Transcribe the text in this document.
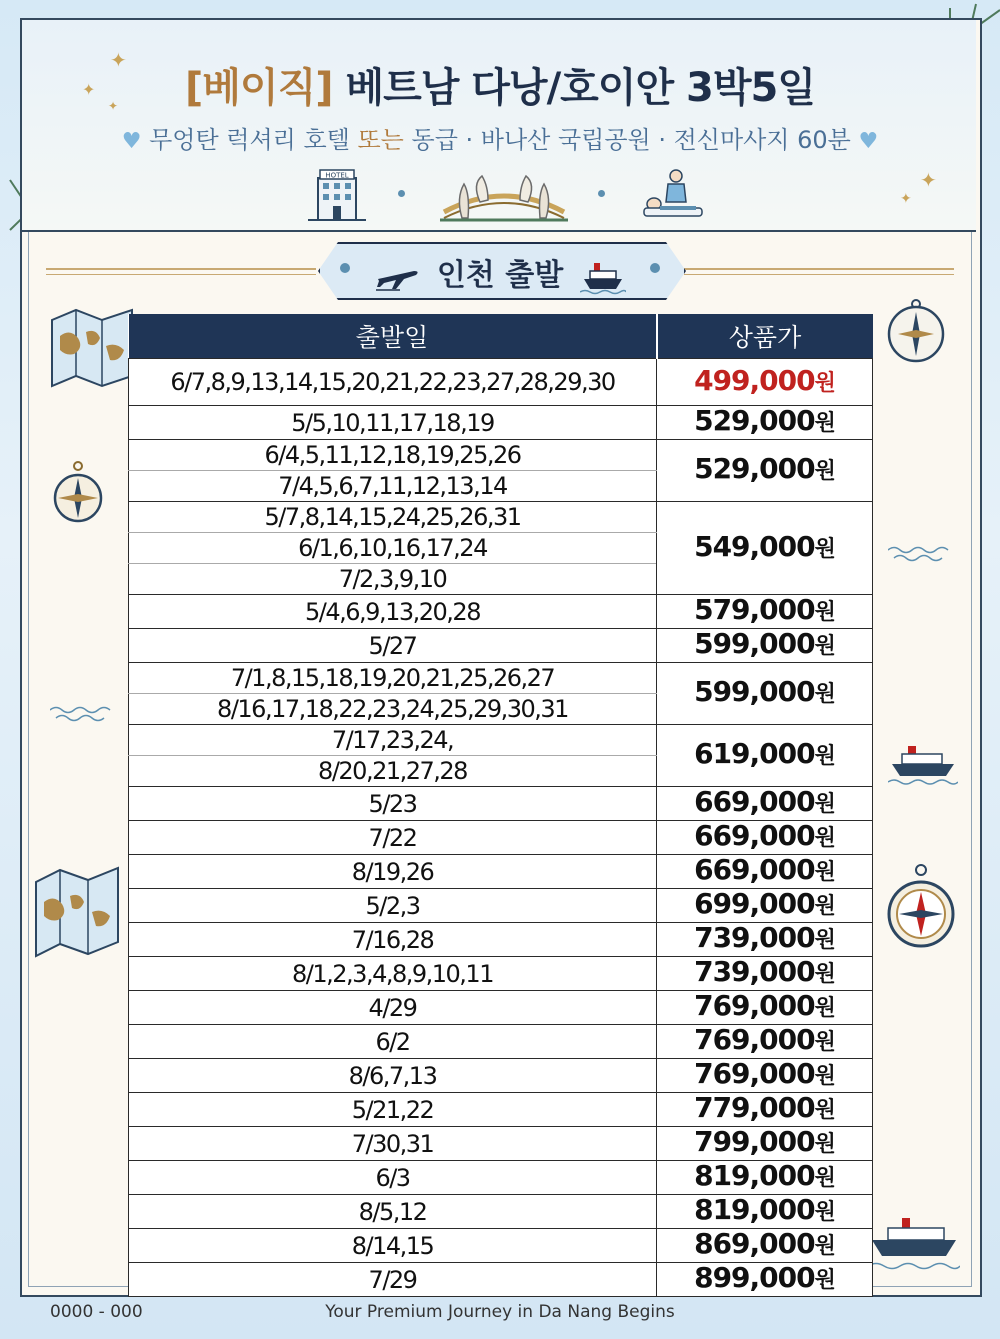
✦
✦
✦
✦
✦
[베이직] 베트남 다낭/호이안 3박5일
♥ 무엉탄 럭셔리 호텔 또는 동급 · 바나산 국립공원 · 전신마사지 60분 ♥
HOTEL
인천 출발
출발일	상품가
6/7,8,9,13,14,15,20,21,22,23,27,28,29,30	499,000원
5/5,10,11,17,18,19	529,000원
6/4,5,11,12,18,19,25,26	529,000원
7/4,5,6,7,11,12,13,14	
5/7,8,14,15,24,25,26,31	549,000원
6/1,6,10,16,17,24	
7/2,3,9,10	
5/4,6,9,13,20,28	579,000원
5/27	599,000원
7/1,8,15,18,19,20,21,25,26,27	599,000원
8/16,17,18,22,23,24,25,29,30,31	
7/17,23,24,	619,000원
8/20,21,27,28	
5/23	669,000원
7/22	669,000원
8/19,26	669,000원
5/2,3	699,000원
7/16,28	739,000원
8/1,2,3,4,8,9,10,11	739,000원
4/29	769,000원
6/2	769,000원
8/6,7,13	769,000원
5/21,22	779,000원
7/30,31	799,000원
6/3	819,000원
8/5,12	819,000원
8/14,15	869,000원
7/29	899,000원
0000 - 000	Your Premium Journey in Da Nang Begins
